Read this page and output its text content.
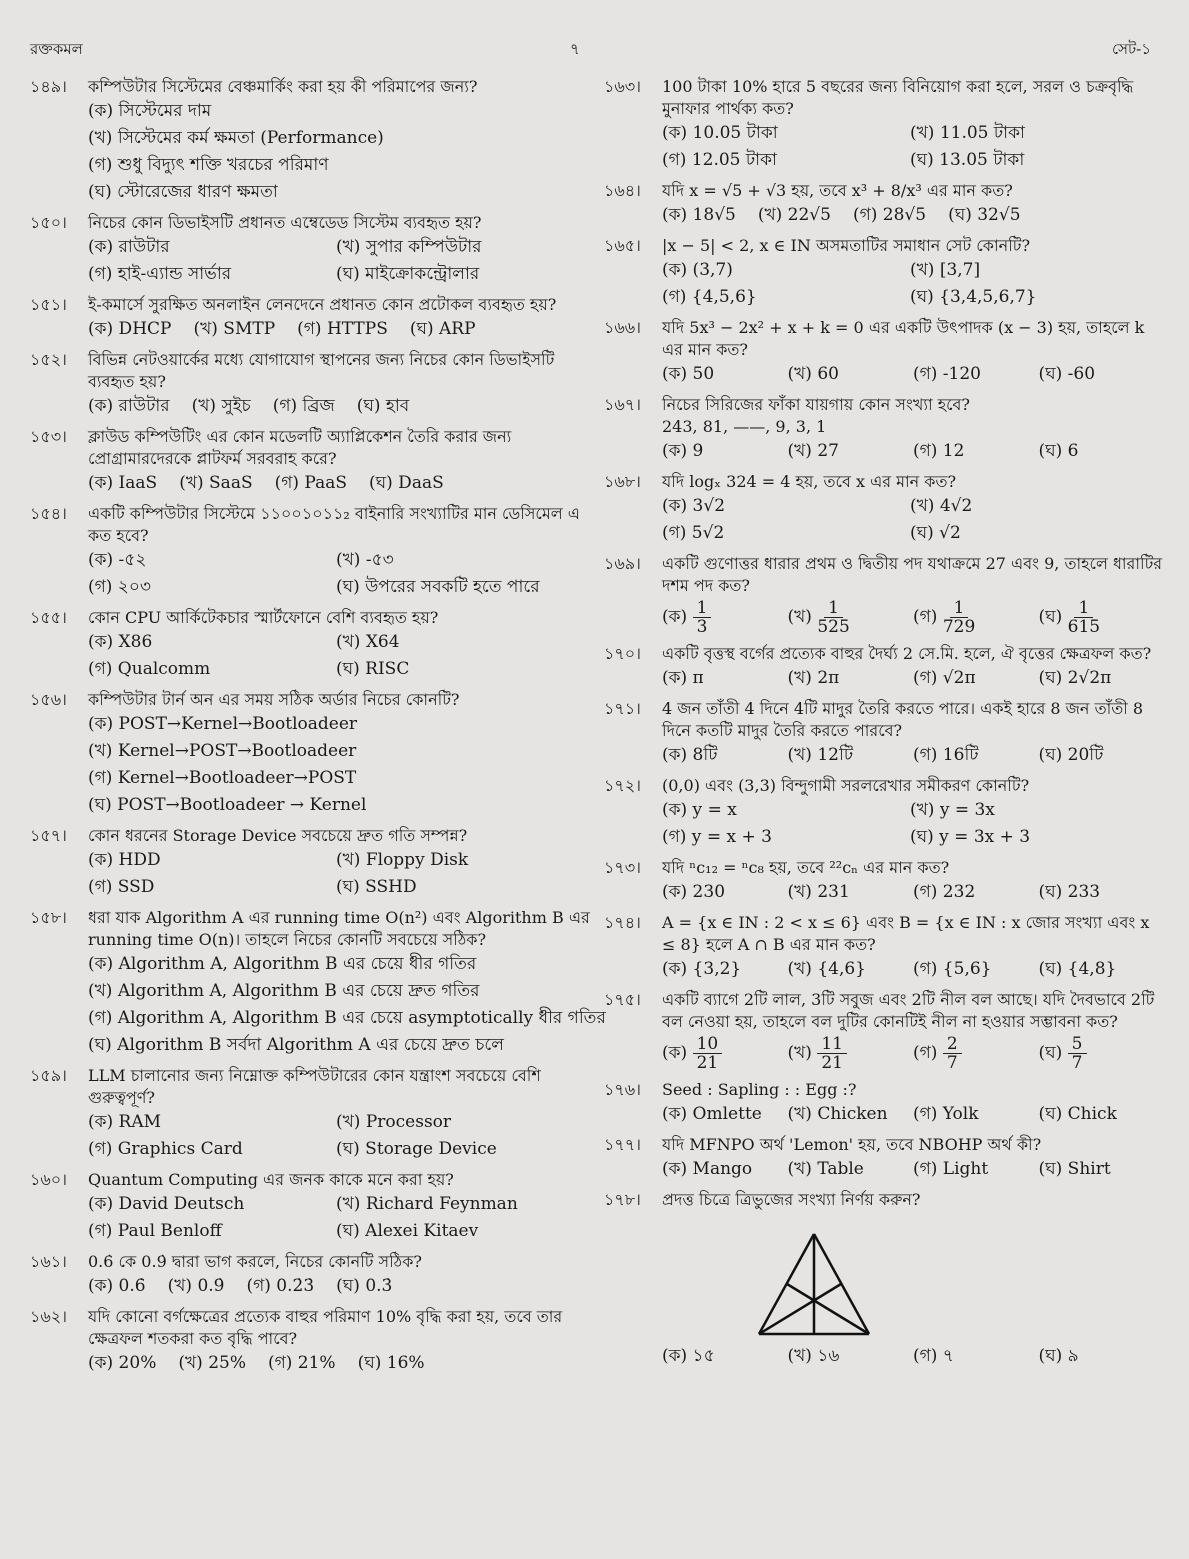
রক্তকমল	৭	সেট-১
১৪৯।	কম্পিউটার সিস্টেমের বেঞ্চমার্কিং করা হয় কী পরিমাপের জন্য?
(ক) সিস্টেমের দাম
(খ) সিস্টেমের কর্ম ক্ষমতা (Performance)
(গ) শুধু বিদ্যুৎ শক্তি খরচের পরিমাণ
(ঘ) স্টোরেজের ধারণ ক্ষমতা
১৫০।	নিচের কোন ডিভাইসটি প্রধানত এম্বেডেড সিস্টেম ব্যবহৃত হয়?
(ক) রাউটার	(খ) সুপার কম্পিউটার
(গ) হাই-এ্যান্ড সার্ভার	(ঘ) মাইক্রোকন্ট্রোলার
১৫১।	ই-কমার্সে সুরক্ষিত অনলাইন লেনদেনে প্রধানত কোন প্রটোকল ব্যবহৃত হয়?
(ক) DHCP (খ) SMTP (গ) HTTPS (ঘ) ARP
১৫২।	বিভিন্ন নেটওয়ার্কের মধ্যে যোগাযোগ স্থাপনের জন্য নিচের কোন ডিভাইসটি ব্যবহৃত হয়?
(ক) রাউটার (খ) সুইচ (গ) ব্রিজ (ঘ) হাব
১৫৩।	ক্লাউড কম্পিউটিং এর কোন মডেলটি অ্যাপ্লিকেশন তৈরি করার জন্য প্রোগ্রামারদেরকে প্লাটফর্ম সরবরাহ করে?
(ক) IaaS (খ) SaaS (গ) PaaS (ঘ) DaaS
১৫৪।	একটি কম্পিউটার সিস্টেমে ১১০০১০১১₂ বাইনারি সংখ্যাটির মান ডেসিমেল এ কত হবে?
(ক) -৫২	(খ) -৫৩
(গ) ২০৩	(ঘ) উপরের সবকটি হতে পারে
১৫৫।	কোন CPU আর্কিটেকচার স্মার্টফোনে বেশি ব্যবহৃত হয়?
(ক) X86	(খ) X64
(গ) Qualcomm	(ঘ) RISC
১৫৬।	কম্পিউটার টার্ন অন এর সময় সঠিক অর্ডার নিচের কোনটি?
(ক) POST→Kernel→Bootloadeer
(খ) Kernel→POST→Bootloadeer
(গ) Kernel→Bootloadeer→POST
(ঘ) POST→Bootloadeer → Kernel
১৫৭।	কোন ধরনের Storage Device সবচেয়ে দ্রুত গতি সম্পন্ন?
(ক) HDD	(খ) Floppy Disk
(গ) SSD	(ঘ) SSHD
১৫৮।	ধরা যাক Algorithm A এর running time O(n²) এবং Algorithm B এর running time O(n)। তাহলে নিচের কোনটি সবচেয়ে সঠিক?
(ক) Algorithm A, Algorithm B এর চেয়ে ধীর গতির
(খ) Algorithm A, Algorithm B এর চেয়ে দ্রুত গতির
(গ) Algorithm A, Algorithm B এর চেয়ে asymptotically ধীর গতির
(ঘ) Algorithm B সর্বদা Algorithm A এর চেয়ে দ্রুত চলে
১৫৯।	LLM চালানোর জন্য নিম্নোক্ত কম্পিউটারের কোন যন্ত্রাংশ সবচেয়ে বেশি গুরুত্বপূর্ণ?
(ক) RAM	(খ) Processor
(গ) Graphics Card	(ঘ) Storage Device
১৬০।	Quantum Computing এর জনক কাকে মনে করা হয়?
(ক) David Deutsch	(খ) Richard Feynman
(গ) Paul Benloff	(ঘ) Alexei Kitaev
১৬১।	0.6̇ কে 0.9̇ দ্বারা ভাগ করলে, নিচের কোনটি সঠিক?
(ক) 0.6̇ (খ) 0.9̇ (গ) 0.2̇3̇ (ঘ) 0.3̇
১৬২।	যদি কোনো বর্গক্ষেত্রের প্রত্যেক বাহুর পরিমাণ 10% বৃদ্ধি করা হয়, তবে তার ক্ষেত্রফল শতকরা কত বৃদ্ধি পাবে?
(ক) 20% (খ) 25% (গ) 21% (ঘ) 16%
১৬৩।	100 টাকা 10% হারে 5 বছরের জন্য বিনিয়োগ করা হলে, সরল ও চক্রবৃদ্ধি মুনাফার পার্থক্য কত?
(ক) 10.05 টাকা	(খ) 11.05 টাকা
(গ) 12.05 টাকা	(ঘ) 13.05 টাকা
১৬৪।	যদি x = √5 + √3 হয়, তবে x³ + 8/x³ এর মান কত?
(ক) 18√5 (খ) 22√5 (গ) 28√5 (ঘ) 32√5
১৬৫।	|x − 5| < 2, x ∈ IN অসমতাটির সমাধান সেট কোনটি?
(ক) (3,7)	(খ) [3,7]
(গ) {4,5,6}	(ঘ) {3,4,5,6,7}
১৬৬।	যদি 5x³ − 2x² + x + k = 0 এর একটি উৎপাদক (x − 3) হয়, তাহলে k এর মান কত?
(ক) 50	(খ) 60	(গ) -120	(ঘ) -60
১৬৭।	নিচের সিরিজের ফাঁকা যায়গায় কোন সংখ্যা হবে?
243, 81, ——, 9, 3, 1
(ক) 9	(খ) 27	(গ) 12	(ঘ) 6
১৬৮।	যদি logₓ 324 = 4 হয়, তবে x এর মান কত?
(ক) 3√2	(খ) 4√2
(গ) 5√2	(ঘ) √2
১৬৯।	একটি গুণোত্তর ধারার প্রথম ও দ্বিতীয় পদ যথাক্রমে 27 এবং 9, তাহলে ধারাটির দশম পদ কত?
(ক) $\frac{1}{3}$	(খ) $\frac{1}{525}$	(গ) $\frac{1}{729}$	(ঘ) $\frac{1}{615}$
১৭০।	একটি বৃত্তস্থ বর্গের প্রত্যেক বাহুর দৈর্ঘ্য 2 সে.মি. হলে, ঐ বৃত্তের ক্ষেত্রফল কত?
(ক) π	(খ) 2π	(গ) √2π	(ঘ) 2√2π
১৭১।	4 জন তাঁতী 4 দিনে 4টি মাদুর তৈরি করতে পারে। একই হারে 8 জন তাঁতী 8 দিনে কতটি মাদুর তৈরি করতে পারবে?
(ক) 8টি	(খ) 12টি	(গ) 16টি	(ঘ) 20টি
১৭২।	(0,0) এবং (3,3) বিন্দুগামী সরলরেখার সমীকরণ কোনটি?
(ক) y = x	(খ) y = 3x
(গ) y = x + 3	(ঘ) y = 3x + 3
১৭৩।	যদি ⁿc₁₂ = ⁿc₈ হয়, তবে ²²cₙ এর মান কত?
(ক) 230	(খ) 231	(গ) 232	(ঘ) 233
১৭৪।	A = {x ∈ IN : 2 < x ≤ 6} এবং B = {x ∈ IN : x জোর সংখ্যা এবং x ≤ 8} হলে A ∩ B এর মান কত?
(ক) {3,2}	(খ) {4,6}	(গ) {5,6}	(ঘ) {4,8}
১৭৫।	একটি ব্যাগে 2টি লাল, 3টি সবুজ এবং 2টি নীল বল আছে। যদি দৈবভাবে 2টি বল নেওয়া হয়, তাহলে বল দুটির কোনটিই নীল না হওয়ার সম্ভাবনা কত?
(ক) $\frac{10}{21}$	(খ) $\frac{11}{21}$	(গ) $\frac{2}{7}$	(ঘ) $\frac{5}{7}$
১৭৬।	Seed : Sapling : : Egg :?
(ক) Omlette	(খ) Chicken	(গ) Yolk	(ঘ) Chick
১৭৭।	যদি MFNPO অর্থ 'Lemon' হয়, তবে NBOHP অর্থ কী?
(ক) Mango	(খ) Table	(গ) Light	(ঘ) Shirt
১৭৮।	প্রদত্ত চিত্রে ত্রিভুজের সংখ্যা নির্ণয় করুন?
(ক) ১৫	(খ) ১৬	(গ) ৭	(ঘ) ৯
